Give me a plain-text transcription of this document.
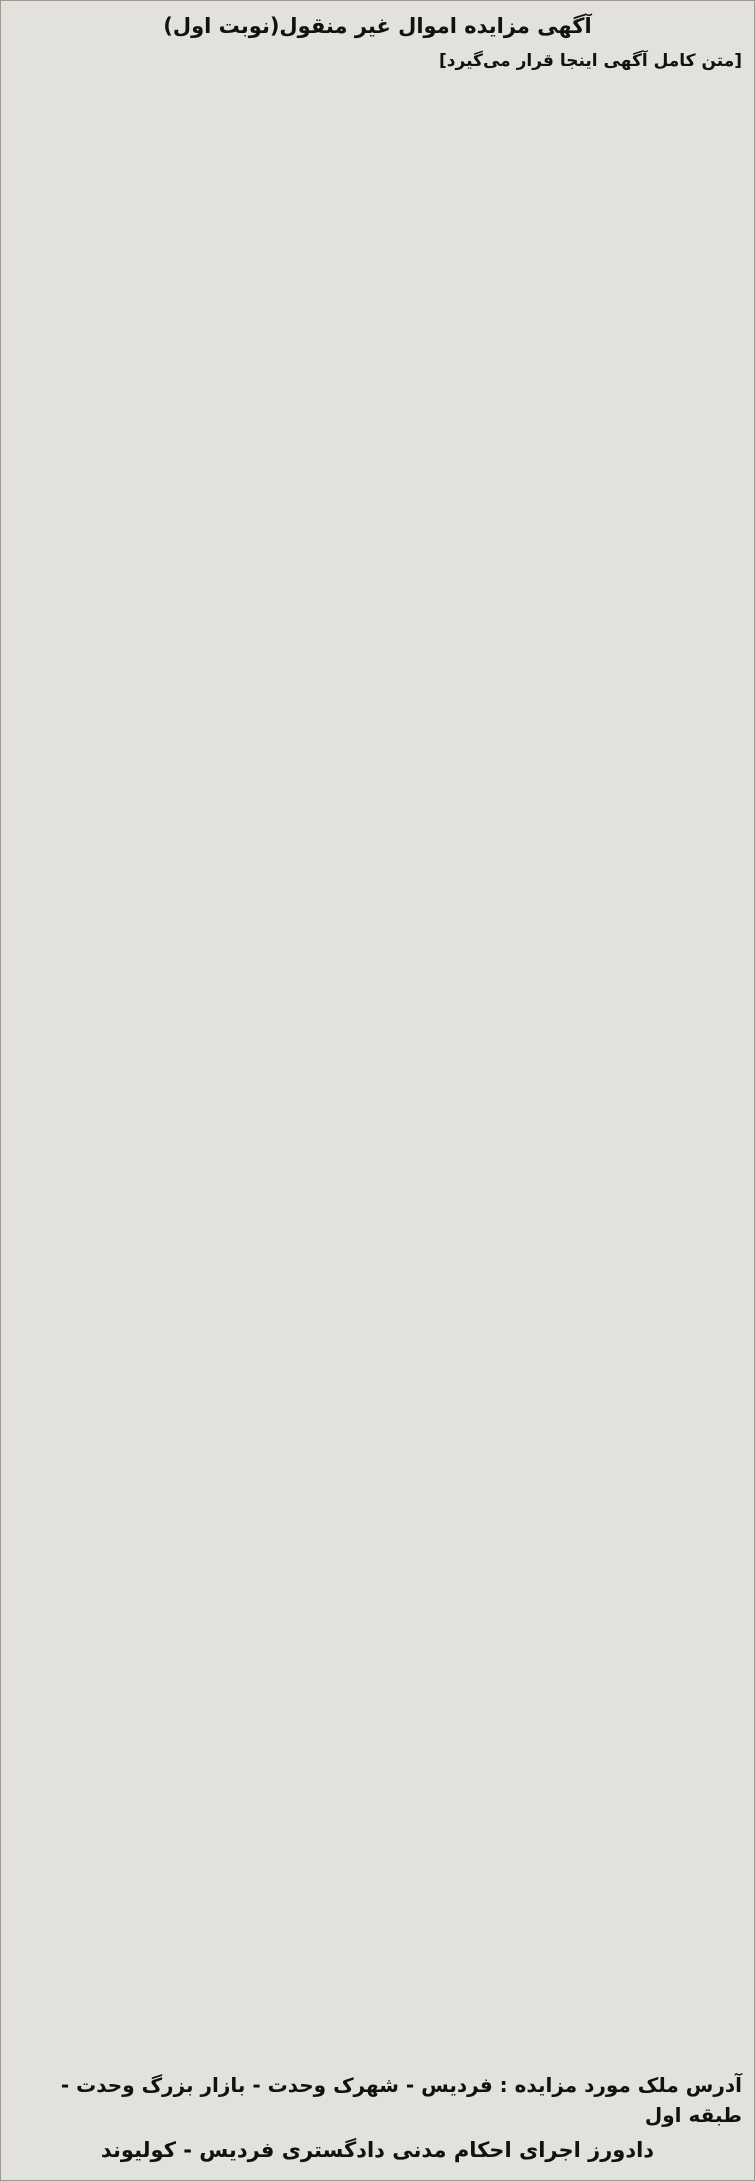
آگهی مزایده اموال غیر منقول(نوبت اول)
[متن کامل آگهی اینجا قرار می‌گیرد]
آدرس ملک مورد مزایده : فردیس - شهرک وحدت - بازار بزرگ وحدت - طبقه اول
دادورز اجرای احکام مدنی دادگستری فردیس - کولیوند
